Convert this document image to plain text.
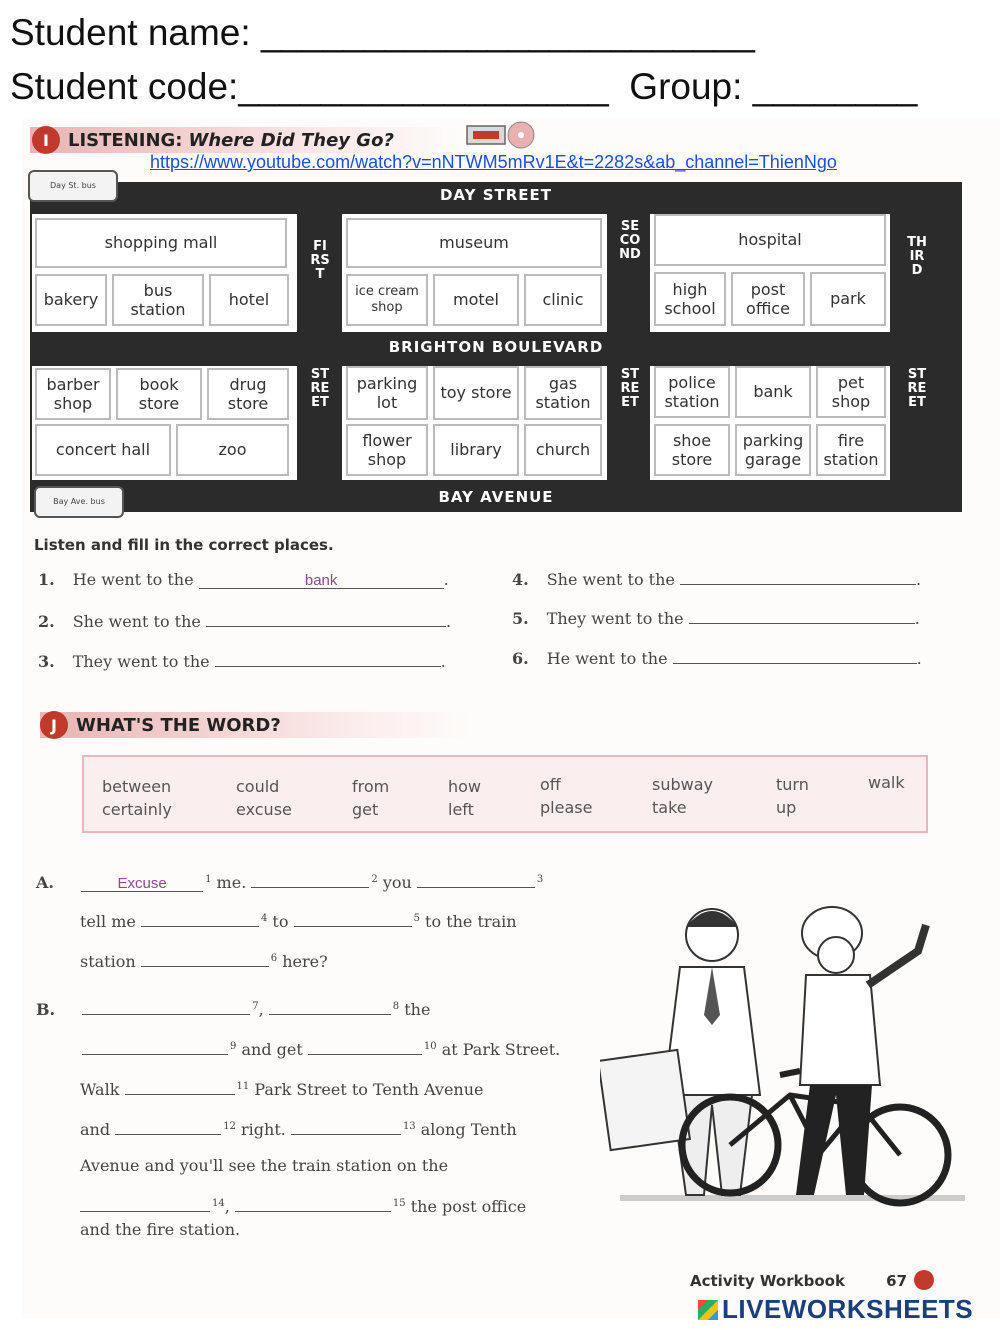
Student name: ________________________
Student code:__________________  Group: ________
I	LISTENING: Where Did They Go?
https://www.youtube.com/watch?v=nNTWM5mRv1E&t=2282s&ab_channel=ThienNgo
DAY STREET
BRIGHTON BOULEVARD
BAY AVENUE
FIRST
STREET
SECOND
STREET
THIRD
STREET
shopping mall
bakery
bus station
hotel
museum
ice cream shop	motel	clinic
hospital
high school
post office
park
barber shop
book store
drug store
concert hall	zoo
parking lot
toy store
gas station
flower shop
library	church
police station
bank
pet shop
shoe store
parking garage
fire station
Day St. bus
Bay Ave. bus
Listen and fill in the correct places.
1. He went to the	bank	.
2. She went to the	.
3. They went to the	.
4. She went to the	.
5. They went to the	.
6. He went to the	.
J	WHAT'S THE WORD?
between
certainly
could
excuse
from
get
how
left
off
please
subway
take
turn
up
walk
A.	Excuse	$^1$ me.	$^2$ you	$^3$
tell me	$^4$ to	$^5$ to the train
station	$^6$ here?
B.	$^7$,	$^8$ the
$^9$ and get	$^{10}$ at Park Street.
Walk	$^{11}$ Park Street to Tenth Avenue
and	$^{12}$ right.	$^{13}$ along Tenth
Avenue and you'll see the train station on the
$^{14}$,	$^{15}$ the post office
and the fire station.
Activity Workbook	67
LIVEWORKSHEETS
